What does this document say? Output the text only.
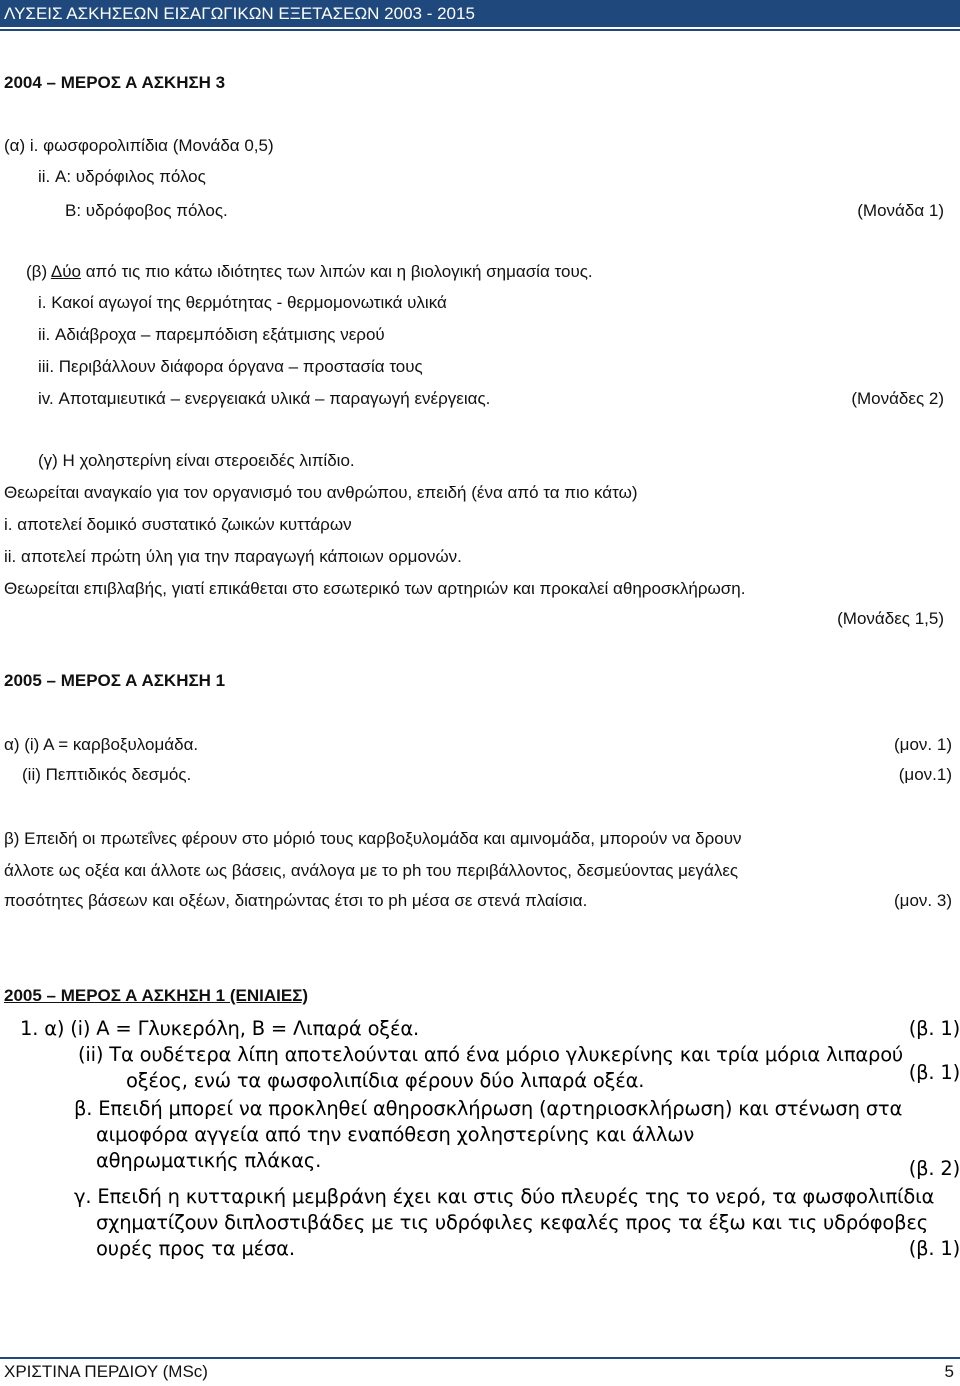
ΛΥΣΕΙΣ ΑΣΚΗΣΕΩΝ ΕΙΣΑΓΩΓΙΚΩΝ ΕΞΕΤΑΣΕΩΝ 2003 - 2015
2004 – ΜΕΡΟΣ Α ΑΣΚΗΣΗ 3
(α) i. φωσφορολιπίδια (Μονάδα 0,5)
ii. Α: υδρόφιλος πόλος
Β: υδρόφοβος πόλος.	(Μονάδα 1)
(β) Δύο από τις πιο κάτω ιδιότητες των λιπών και η βιολογική σημασία τους.
i. Κακοί αγωγοί της θερμότητας - θερμομονωτικά υλικά
ii. Αδιάβροχα – παρεμπόδιση εξάτμισης νερού
iii. Περιβάλλουν διάφορα όργανα – προστασία τους
iv. Αποταμιευτικά – ενεργειακά υλικά – παραγωγή ενέργειας.	(Μονάδες 2)
(γ) Η χοληστερίνη είναι στεροειδές λιπίδιο.
Θεωρείται αναγκαίο για τον οργανισμό του ανθρώπου, επειδή (ένα από τα πιο κάτω)
i. αποτελεί δομικό συστατικό ζωικών κυττάρων
ii. αποτελεί πρώτη ύλη για την παραγωγή κάποιων ορμονών.
Θεωρείται επιβλαβής, γιατί επικάθεται στο εσωτερικό των αρτηριών και προκαλεί αθηροσκλήρωση.
(Μονάδες 1,5)
2005 – ΜΕΡΟΣ Α ΑΣΚΗΣΗ 1
α) (i) Α = καρβοξυλομάδα.	(μον. 1)
(ii) Πεπτιδικός δεσμός.	(μον.1)
β) Επειδή οι πρωτεΐνες φέρουν στο μόριό τους καρβοξυλομάδα και αμινομάδα, μπορούν να δρουν
άλλοτε ως οξέα και άλλοτε ως βάσεις, ανάλογα με το ph του περιβάλλοντος, δεσμεύοντας μεγάλες
ποσότητες βάσεων και οξέων, διατηρώντας έτσι το ph μέσα σε στενά πλαίσια.	(μον. 3)
2005 – ΜΕΡΟΣ Α ΑΣΚΗΣΗ 1 (ΕΝΙΑΙΕΣ)
1. α) (i) Α = Γλυκερόλη, Β = Λιπαρά οξέα.	(β. 1)
(ii) Τα ουδέτερα λίπη αποτελούνται από ένα μόριο γλυκερίνης και τρία μόρια λιπαρού
οξέος, ενώ τα φωσφολιπίδια φέρουν δύο λιπαρά οξέα.	(β. 1)
β. Επειδή μπορεί να προκληθεί αθηροσκλήρωση (αρτηριοσκλήρωση) και στένωση στα
αιμοφόρα αγγεία από την εναπόθεση χοληστερίνης και άλλων
αθηρωματικής πλάκας.	(β. 2)
γ. Επειδή η κυτταρική μεμβράνη έχει και στις δύο πλευρές της το νερό, τα φωσφολιπίδια
σχηματίζουν διπλοστιβάδες με τις υδρόφιλες κεφαλές προς τα έξω και τις υδρόφοβες
ουρές προς τα μέσα.	(β. 1)
ΧΡΙΣΤΙΝΑ ΠΕΡΔΙΟΥ (MSc)	5
